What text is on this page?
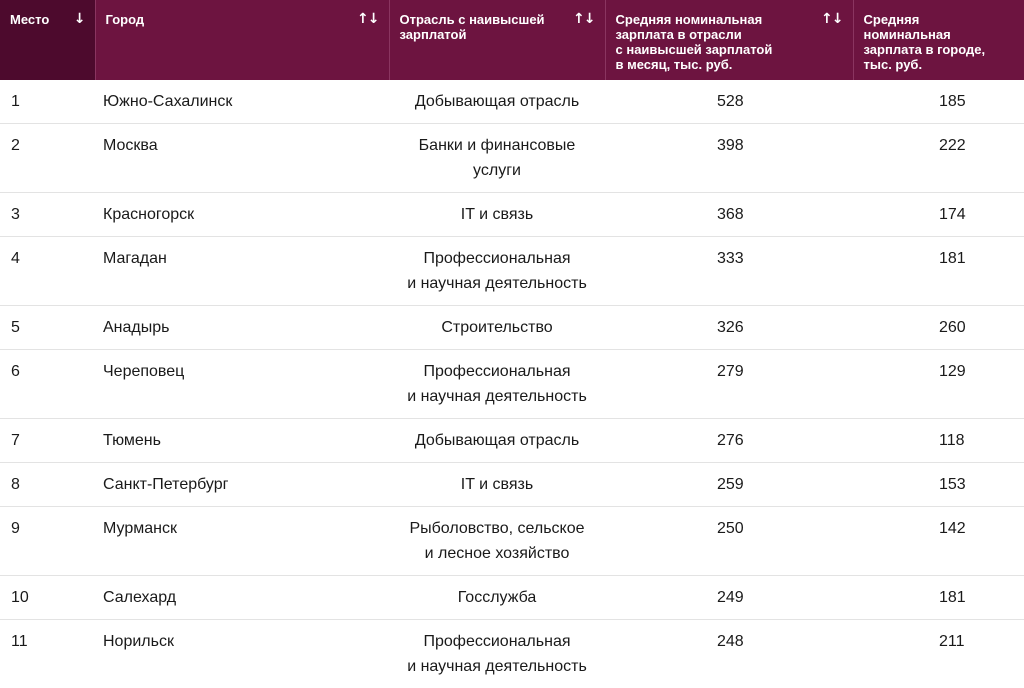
Место ↓	Город ↑↓	Отрасль с наивысшей
зарплатой
↑↓	Средняя номинальная
зарплата в отрасли
с наивысшей зарплатой
в месяц, тыс. руб.
↑↓	Средняя
номинальная
зарплата в городе,
тыс. руб.

1	Южно-Сахалинск	Добывающая отрасль	528	185
2	Москва	Банки и финансовые
услуги	398	222
3	Красногорск	IT и связь	368	174
4	Магадан	Профессиональная
и научная деятельность	333	181
5	Анадырь	Строительство	326	260
6	Череповец	Профессиональная
и научная деятельность	279	129
7	Тюмень	Добывающая отрасль	276	118
8	Санкт-Петербург	IT и связь	259	153
9	Мурманск	Рыболовство, сельское
и лесное хозяйство	250	142
10	Салехард	Госслужба	249	181
11	Норильск	Профессиональная
и научная деятельность	248	211
